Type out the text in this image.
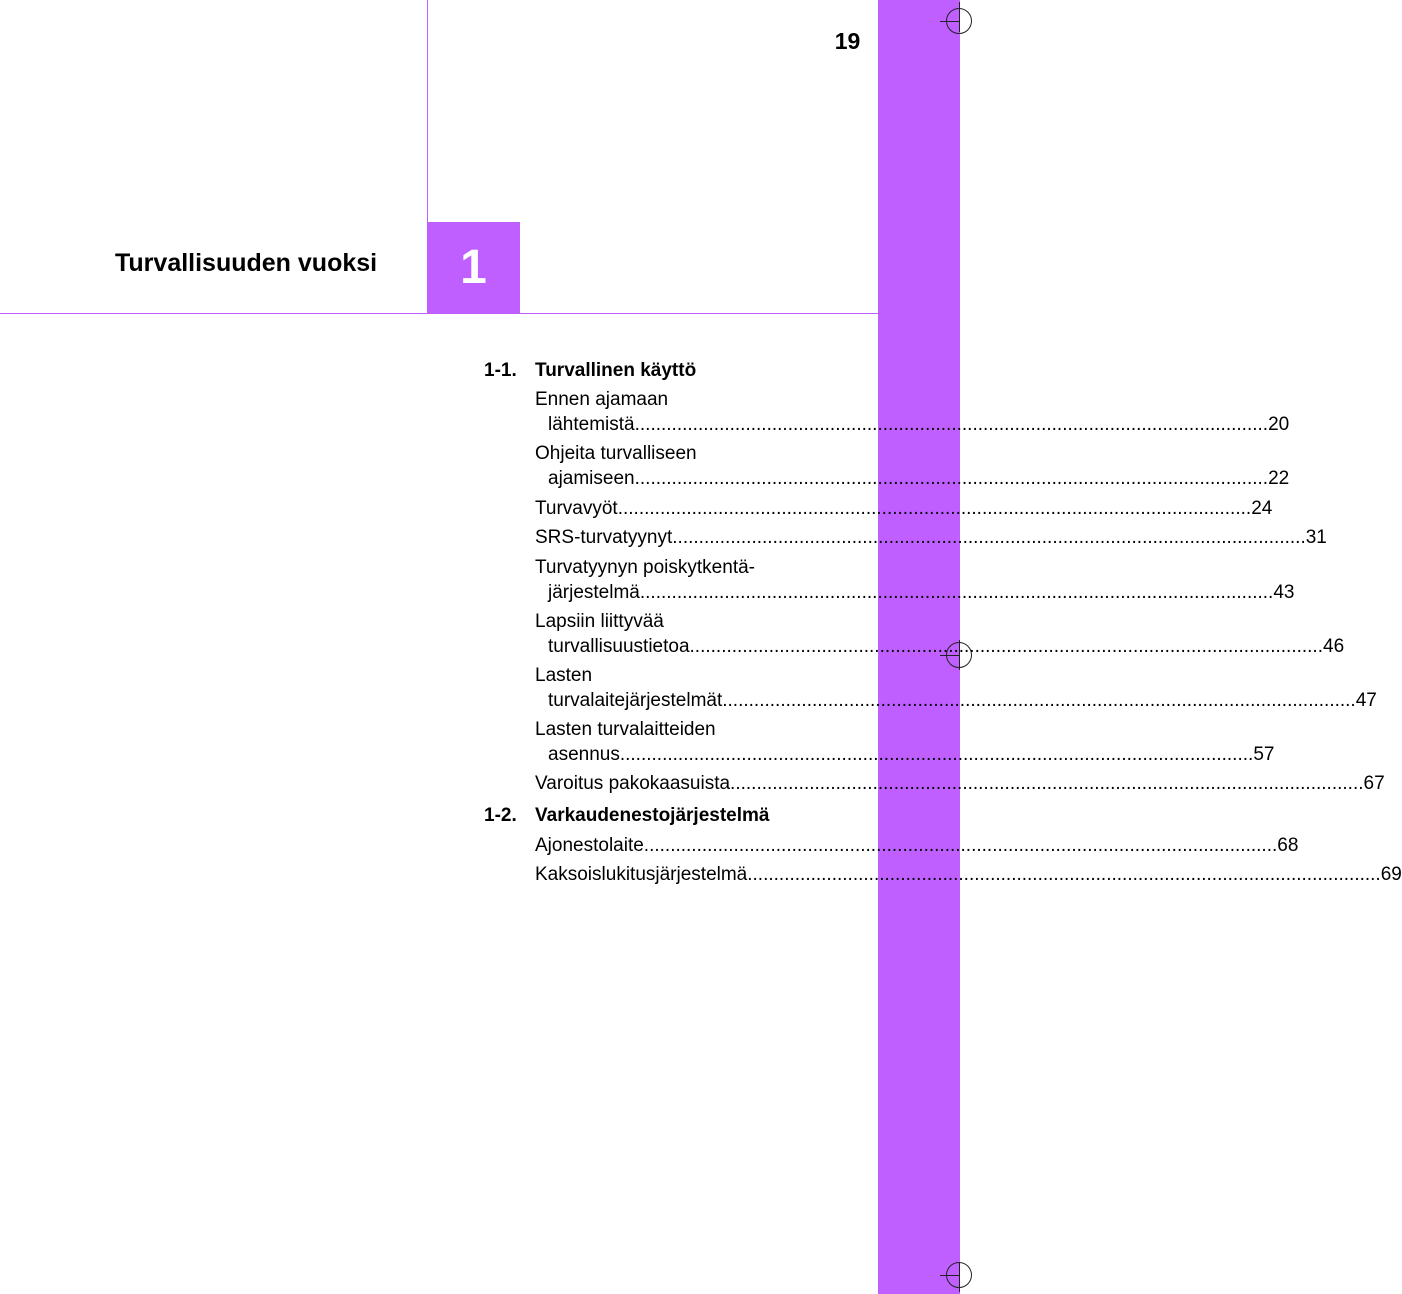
19
Turvallisuuden vuoksi 1
1-1. Turvallinen käyttö
Ennen ajamaan
lähtemistä ........................................................................................................................ 20
Ohjeita turvalliseen
ajamiseen ........................................................................................................................ 22
Turvavyöt ........................................................................................................................ 24
SRS-turvatyynyt ........................................................................................................................ 31
Turvatyynyn poiskytkentä-
järjestelmä ........................................................................................................................ 43
Lapsiin liittyvää
turvallisuustietoa ........................................................................................................................ 46
Lasten
turvalaitejärjestelmät ........................................................................................................................ 47
Lasten turvalaitteiden
asennus ........................................................................................................................ 57
Varoitus pakokaasuista ........................................................................................................................ 67
1-2. Varkaudenestojärjestelmä
Ajonestolaite ........................................................................................................................ 68
Kaksoislukitusjärjestelmä ........................................................................................................................ 69
